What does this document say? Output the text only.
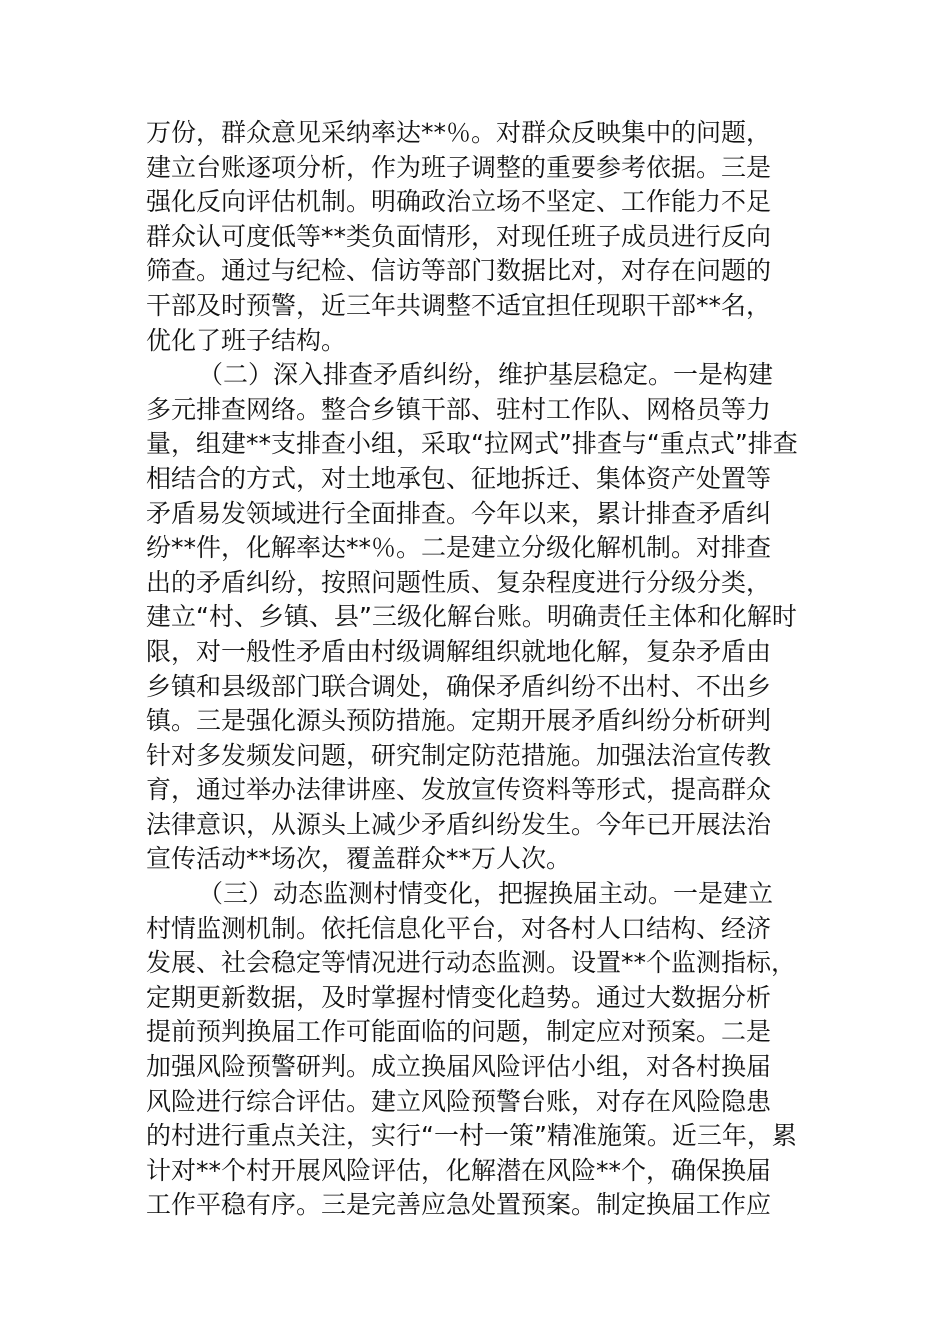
万份，群众意见采纳率达**％。对群众反映集中的问题，
建立台账逐项分析，作为班子调整的重要参考依据。三是
强化反向评估机制。明确政治立场不坚定、工作能力不足
群众认可度低等**类负面情形，对现任班子成员进行反向
筛查。通过与纪检、信访等部门数据比对，对存在问题的
干部及时预警，近三年共调整不适宜担任现职干部**名，
优化了班子结构。
（二）深入排查矛盾纠纷，维护基层稳定。一是构建
多元排查网络。整合乡镇干部、驻村工作队、网格员等力
量，组建**支排查小组，采取“拉网式”排查与“重点式”排查
相结合的方式，对土地承包、征地拆迁、集体资产处置等
矛盾易发领域进行全面排查。今年以来，累计排查矛盾纠
纷**件，化解率达**％。二是建立分级化解机制。对排查
出的矛盾纠纷，按照问题性质、复杂程度进行分级分类，
建立“村、乡镇、县”三级化解台账。明确责任主体和化解时
限，对一般性矛盾由村级调解组织就地化解，复杂矛盾由
乡镇和县级部门联合调处，确保矛盾纠纷不出村、不出乡
镇。三是强化源头预防措施。定期开展矛盾纠纷分析研判
针对多发频发问题，研究制定防范措施。加强法治宣传教
育，通过举办法律讲座、发放宣传资料等形式，提高群众
法律意识，从源头上减少矛盾纠纷发生。今年已开展法治
宣传活动**场次，覆盖群众**万人次。
（三）动态监测村情变化，把握换届主动。一是建立
村情监测机制。依托信息化平台，对各村人口结构、经济
发展、社会稳定等情况进行动态监测。设置**个监测指标，
定期更新数据，及时掌握村情变化趋势。通过大数据分析
提前预判换届工作可能面临的问题，制定应对预案。二是
加强风险预警研判。成立换届风险评估小组，对各村换届
风险进行综合评估。建立风险预警台账，对存在风险隐患
的村进行重点关注，实行“一村一策”精准施策。近三年，累
计对**个村开展风险评估，化解潜在风险**个，确保换届
工作平稳有序。三是完善应急处置预案。制定换届工作应
